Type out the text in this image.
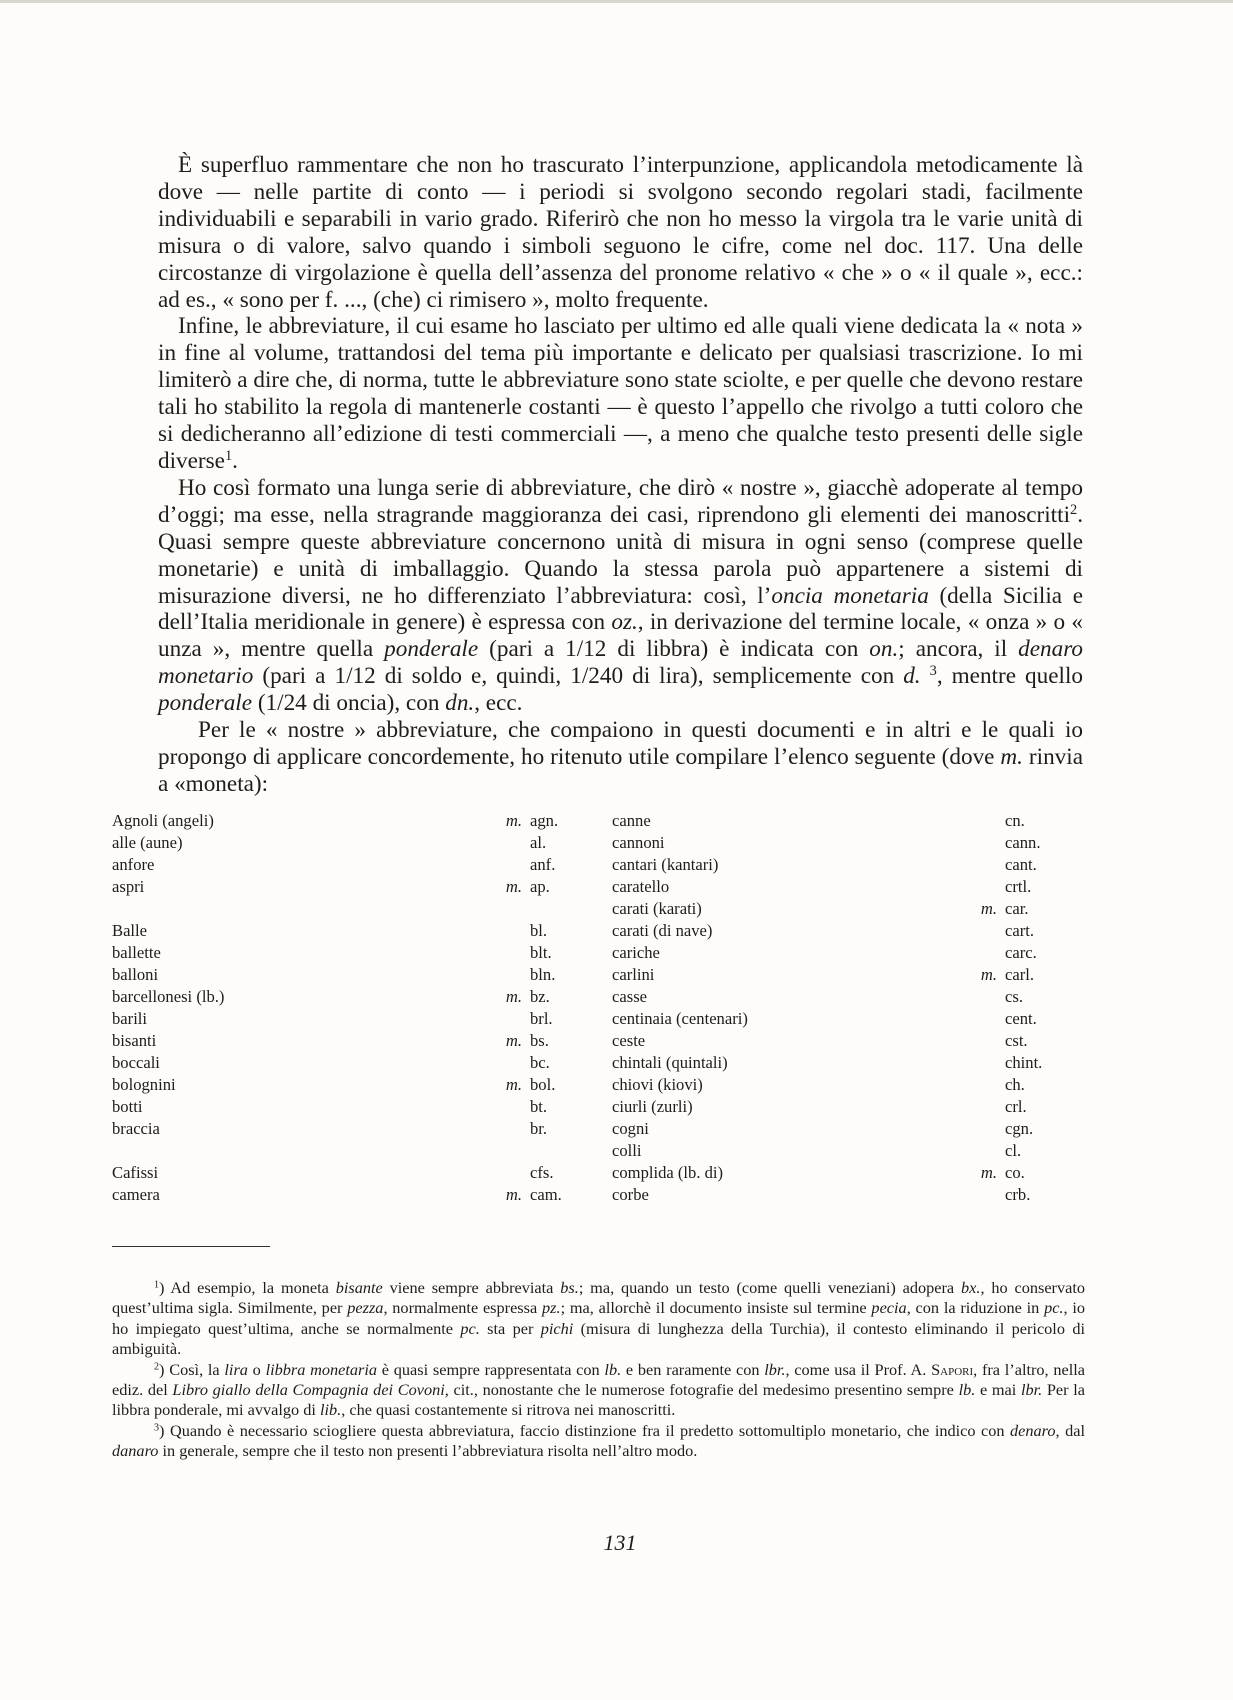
È superfluo rammentare che non ho trascurato l’interpunzione, applicandola metodicamente là dove — nelle partite di conto — i periodi si svolgono secondo regolari stadi, facilmente individuabili e separabili in vario grado. Riferirò che non ho messo la virgola tra le varie unità di misura o di valore, salvo quando i simboli seguono le cifre, come nel doc. 117. Una delle circostanze di virgolazione è quella dell’assenza del pronome relativo « che » o « il quale », ecc.: ad es., « sono per f. ..., (che) ci rimisero », molto frequente.

Infine, le abbreviature, il cui esame ho lasciato per ultimo ed alle quali viene dedicata la « nota » in fine al volume, trattandosi del tema più importante e delicato per qualsiasi trascrizione. Io mi limiterò a dire che, di norma, tutte le abbreviature sono state sciolte, e per quelle che devono restare tali ho stabilito la regola di mantenerle costanti — è questo l’appello che rivolgo a tutti coloro che si dedicheranno all’edizione di testi commerciali —, a meno che qualche testo presenti delle sigle diverse$^1$.

Ho così formato una lunga serie di abbreviature, che dirò « nostre », giacchè adoperate al tempo d’oggi; ma esse, nella stragrande maggioranza dei casi, riprendono gli elementi dei manoscritti$^2$. Quasi sempre queste abbreviature concernono unità di misura in ogni senso (comprese quelle monetarie) e unità di imballaggio. Quando la stessa parola può appartenere a sistemi di misurazione diversi, ne ho differenziato l’abbreviatura: così, l’oncia monetaria (della Sicilia e dell’Italia meridionale in genere) è espressa con oz., in derivazione del termine locale, « onza » o « unza », mentre quella ponderale (pari a 1/12 di libbra) è indicata con on.; ancora, il denaro monetario (pari a 1/12 di soldo e, quindi, 1/240 di lira), semplicemente con d. $^3$, mentre quello ponderale (1/24 di oncia), con dn., ecc.

Per le « nostre » abbreviature, che compaiono in questi documenti e in altri e le quali io propongo di applicare concordemente, ho ritenuto utile compilare l’elenco seguente (dove m. rinvia a «moneta):

Agnoli (angeli)	m. agn.
alle (aune)	al.
anfore	anf.
aspri	m. ap.
Balle	bl.
ballette	blt.
balloni	bln.
barcellonesi (lb.)	m. bz.
barili	brl.
bisanti	m. bs.
boccali	bc.
bolognini	m. bol.
botti	bt.
braccia	br.
Cafissi	cfs.
camera	m. cam.
canne	cn.
cannoni	cann.
cantari (kantari)	cant.
caratello	crtl.
carati (karati)	m. car.
carati (di nave)	cart.
cariche	carc.
carlini	m. carl.
casse	cs.
centinaia (centenari)	cent.
ceste	cst.
chintali (quintali)	chint.
chiovi (kiovi)	ch.
ciurli (zurli)	crl.
cogni	cgn.
colli	cl.
complida (lb. di)	m. co.
corbe	crb.

$^1$) Ad esempio, la moneta bisante viene sempre abbreviata bs.; ma, quando un testo (come quelli veneziani) adopera bx., ho conservato quest’ultima sigla. Similmente, per pezza, normalmente espressa pz.; ma, allorchè il documento insiste sul termine pecia, con la riduzione in pc., io ho impiegato quest’ultima, anche se normalmente pc. sta per pichi (misura di lunghezza della Turchia), il contesto eliminando il pericolo di ambiguità.

$^2$) Così, la lira o libbra monetaria è quasi sempre rappresentata con lb. e ben raramente con lbr., come usa il Prof. A. Sapori, fra l’altro, nella ediz. del Libro giallo della Compagnia dei Covoni, cit., nonostante che le numerose fotografie del medesimo presentino sempre lb. e mai lbr. Per la libbra ponderale, mi avvalgo di lib., che quasi costantemente si ritrova nei manoscritti.

$^3$) Quando è necessario sciogliere questa abbreviatura, faccio distinzione fra il predetto sottomultiplo monetario, che indico con denaro, dal danaro in generale, sempre che il testo non presenti l’abbreviatura risolta nell’altro modo.

131
